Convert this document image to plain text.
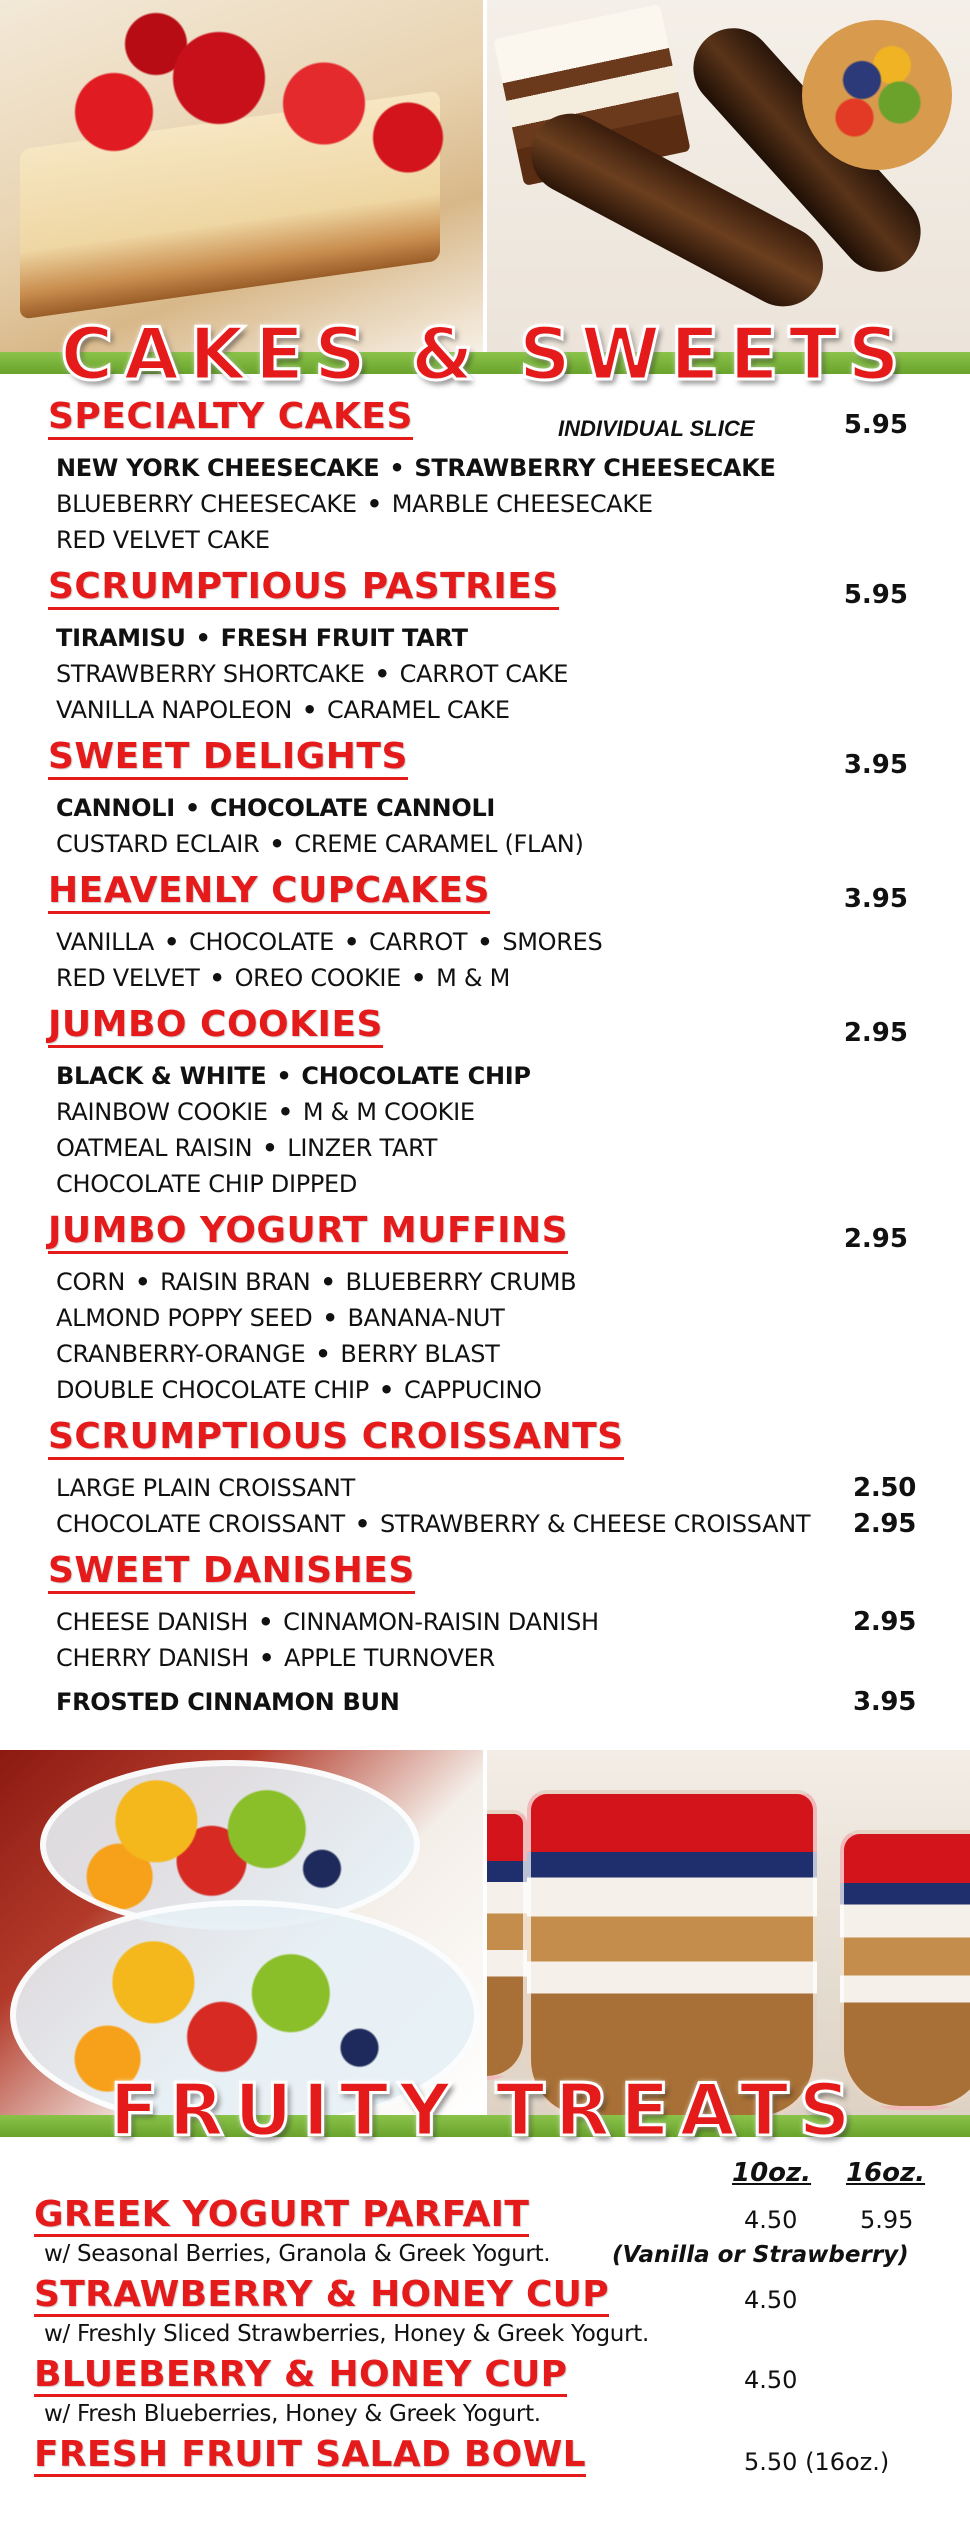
CAKES & SWEETS
SPECIALTY CAKES	INDIVIDUAL SLICE	5.95
NEW YORK CHEESECAKE • STRAWBERRY CHEESECAKE
BLUEBERRY CHEESECAKE • MARBLE CHEESECAKE
RED VELVET CAKE
SCRUMPTIOUS PASTRIES	5.95
TIRAMISU • FRESH FRUIT TART
STRAWBERRY SHORTCAKE • CARROT CAKE
VANILLA NAPOLEON • CARAMEL CAKE
SWEET DELIGHTS	3.95
CANNOLI • CHOCOLATE CANNOLI
CUSTARD ECLAIR • CREME CARAMEL (FLAN)
HEAVENLY CUPCAKES	3.95
VANILLA • CHOCOLATE • CARROT • SMORES
RED VELVET • OREO COOKIE • M & M
JUMBO COOKIES	2.95
BLACK & WHITE • CHOCOLATE CHIP
RAINBOW COOKIE • M & M COOKIE
OATMEAL RAISIN • LINZER TART
CHOCOLATE CHIP DIPPED
JUMBO YOGURT MUFFINS	2.95
CORN • RAISIN BRAN • BLUEBERRY CRUMB
ALMOND POPPY SEED • BANANA-NUT
CRANBERRY-ORANGE • BERRY BLAST
DOUBLE CHOCOLATE CHIP • CAPPUCINO
SCRUMPTIOUS CROISSANTS
LARGE PLAIN CROISSANT	2.50
CHOCOLATE CROISSANT • STRAWBERRY & CHEESE CROISSANT 2.95
SWEET DANISHES
CHEESE DANISH • CINNAMON-RAISIN DANISH	2.95
CHERRY DANISH • APPLE TURNOVER
FROSTED CINNAMON BUN	3.95
FRUITY TREATS
10oz. 16oz.
GREEK YOGURT PARFAIT	4.50	5.95
w/ Seasonal Berries, Granola & Greek Yogurt.	(Vanilla or Strawberry)
STRAWBERRY & HONEY CUP	4.50
w/ Freshly Sliced Strawberries, Honey & Greek Yogurt.
BLUEBERRY & HONEY CUP	4.50
w/ Fresh Blueberries, Honey & Greek Yogurt.
FRESH FRUIT SALAD BOWL	5.50 (16oz.)
